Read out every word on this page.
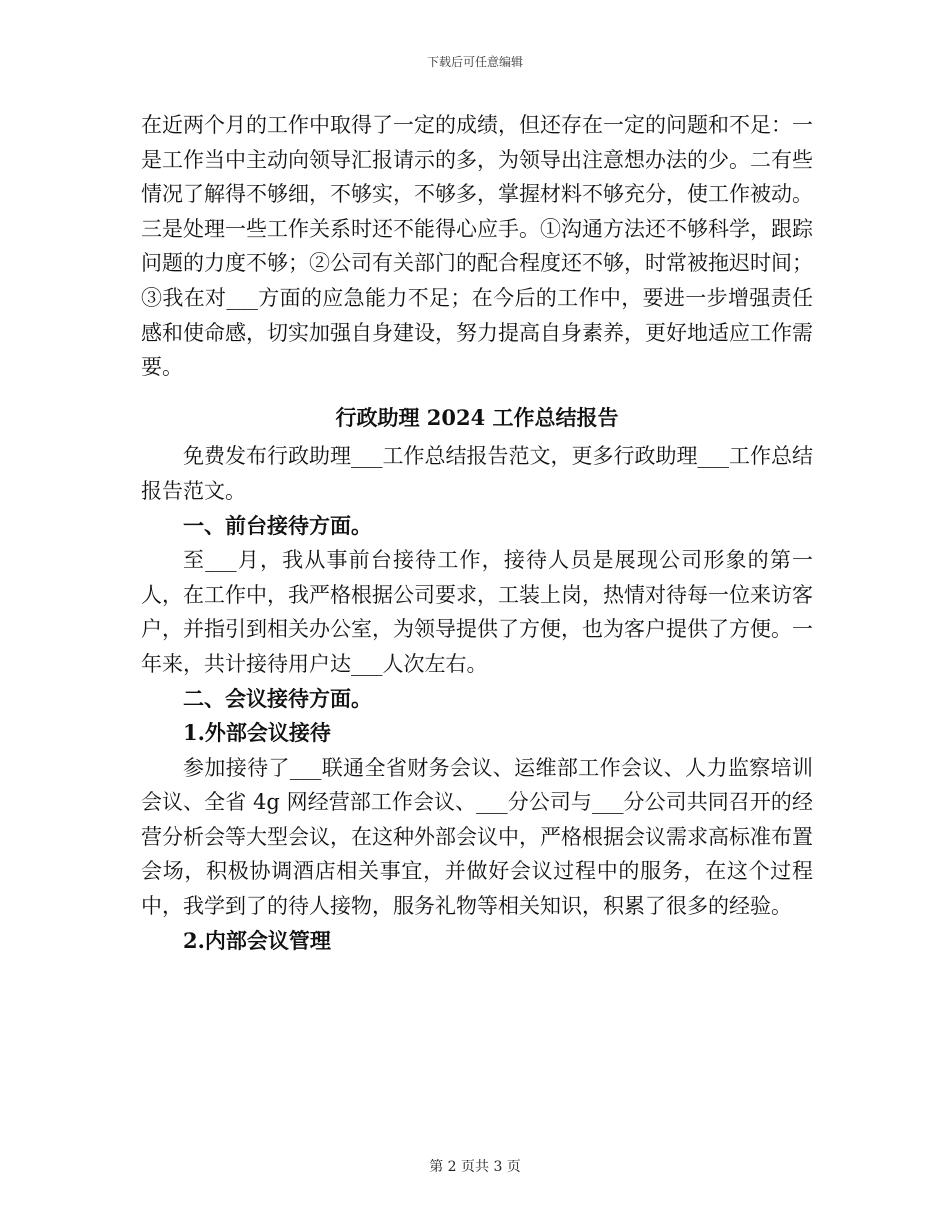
下载后可任意编辑

在近两个月的工作中取得了一定的成绩，但还存在一定的问题和不足：一是工作当中主动向领导汇报请示的多，为领导出注意想办法的少。二有些情况了解得不够细，不够实，不够多，掌握材料不够充分，使工作被动。三是处理一些工作关系时还不能得心应手。①沟通方法还不够科学，跟踪问题的力度不够；②公司有关部门的配合程度还不够，时常被拖迟时间；③我在对___方面的应急能力不足；在今后的工作中，要进一步增强责任感和使命感，切实加强自身建设，努力提高自身素养，更好地适应工作需要。

行政助理 2024 工作总结报告

免费发布行政助理___工作总结报告范文，更多行政助理___工作总结报告范文。

一、前台接待方面。

至___月，我从事前台接待工作，接待人员是展现公司形象的第一人，在工作中，我严格根据公司要求，工装上岗，热情对待每一位来访客户，并指引到相关办公室，为领导提供了方便，也为客户提供了方便。一年来，共计接待用户达___人次左右。

二、会议接待方面。
1.外部会议接待

参加接待了___联通全省财务会议、运维部工作会议、人力监察培训会议、全省 4g 网经营部工作会议、___分公司与___分公司共同召开的经营分析会等大型会议，在这种外部会议中，严格根据会议需求高标准布置会场，积极协调酒店相关事宜，并做好会议过程中的服务，在这个过程中，我学到了的待人接物，服务礼物等相关知识，积累了很多的经验。

2.内部会议管理
第 2 页共 3 页
